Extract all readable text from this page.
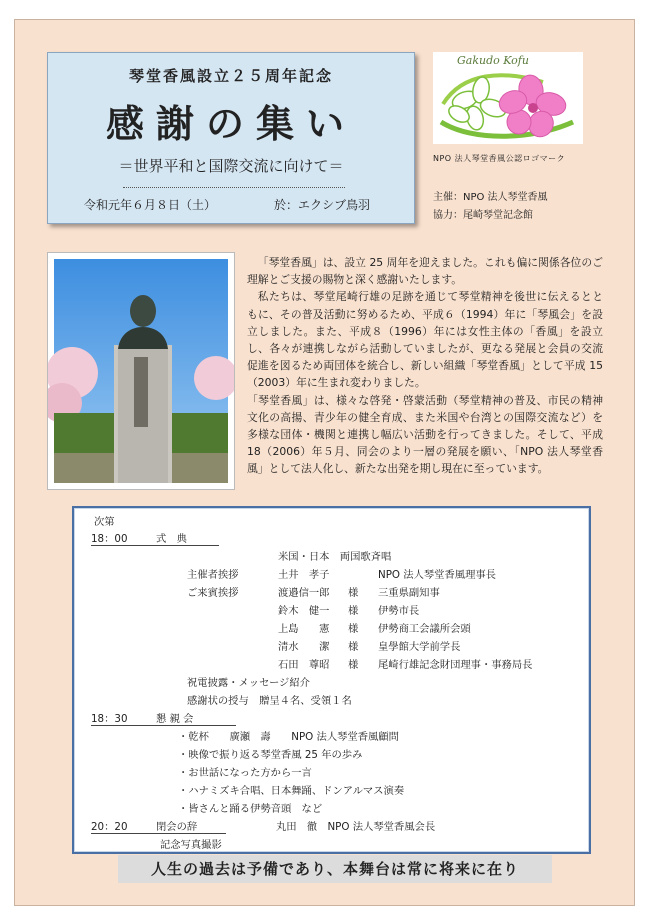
琴堂香風設立２５周年記念
感謝の集い
＝世界平和と国際交流に向けて＝
令和元年６月８日（土）	於：エクシブ鳥羽
Gakudo Kofu
NPO 法人琴堂香風公認ロゴマーク
主催：NPO 法人琴堂香風
協力：尾崎琴堂記念館

「琴堂香風」は、設立 25 周年を迎えました。これも偏に関係各位のご理解とご支援の賜物と深く感謝いたします。

私たちは、琴堂尾崎行雄の足跡を通じて琴堂精神を後世に伝えるとともに、その普及活動に努めるため、平成６（1994）年に「琴風会」を設立しました。また、平成８（1996）年には女性主体の「香風」を設立し、各々が連携しながら活動していましたが、更なる発展と会員の交流促進を図るため両団体を統合し、新しい組織「琴堂香風」として平成 15（2003）年に生まれ変わりました。

「琴堂香風」は、様々な啓発・啓蒙活動（琴堂精神の普及、市民の精神文化の高揚、青少年の健全育成、また米国や台湾との国際交流など）を多様な団体・機関と連携し幅広い活動を行ってきました。そして、平成 18（2006）年５月、同会のより一層の発展を願い、「NPO 法人琴堂香風」として法人化し、新たな出発を期し現在に至っています。

次第
18：00	式　典
米国・日本　両国歌斉唱
主催者挨拶	土井　孝子	NPO 法人琴堂香風理事長
ご来賓挨拶	渡邉信一郎 様 三重県副知事
鈴木　健一 様 伊勢市長
上島　　憲 様 伊勢商工会議所会頭
清水　　潔 様 皇學館大学前学長
石田　尊昭 様 尾崎行雄記念財団理事・事務局長
祝電披露・メッセージ紹介
感謝状の授与　贈呈４名、受領１名
18：30	懇 親 会
・乾杯　　廣瀬　壽　　NPO 法人琴堂香風顧問
・映像で振り返る琴堂香風 25 年の歩み
・お世話になった方から一言
・ハナミズキ合唱、日本舞踊、ドンアルマス演奏
・皆さんと踊る伊勢音頭　など
20：20	閉会の辞	丸田　徹　NPO 法人琴堂香風会長
記念写真撮影
人生の過去は予備であり、本舞台は常に将来に在り
